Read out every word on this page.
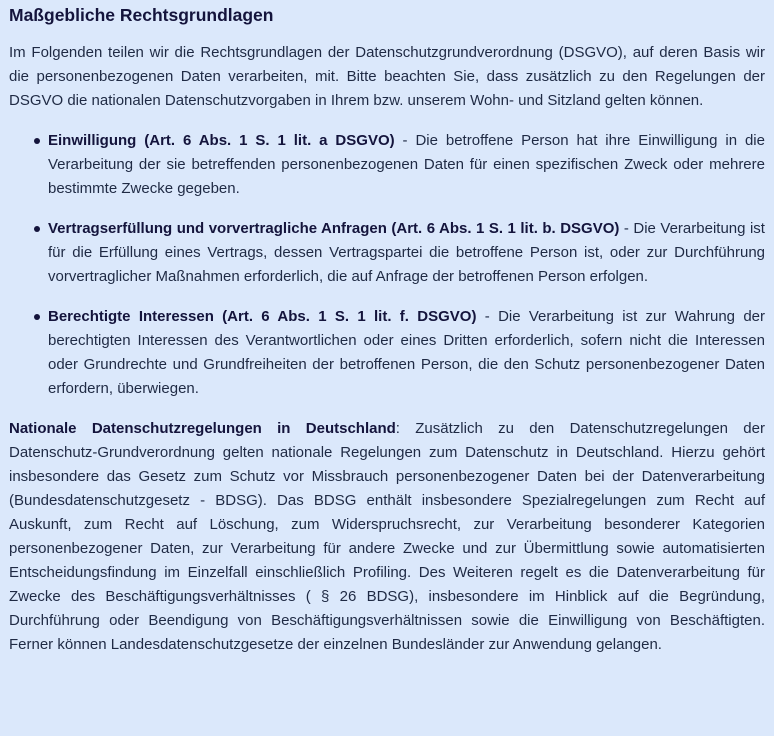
Maßgebliche Rechtsgrundlagen

Im Folgenden teilen wir die Rechtsgrundlagen der Datenschutzgrundverordnung (DSGVO), auf deren Basis wir die personenbezogenen Daten verarbeiten, mit. Bitte beachten Sie, dass zusätzlich zu den Regelungen der DSGVO die nationalen Datenschutzvorgaben in Ihrem bzw. unserem Wohn- und Sitzland gelten können.

Einwilligung (Art. 6 Abs. 1 S. 1 lit. a DSGVO) - Die betroffene Person hat ihre Einwilligung in die Verarbeitung der sie betreffenden personenbezogenen Daten für einen spezifischen Zweck oder mehrere bestimmte Zwecke gegeben.
Vertragserfüllung und vorvertragliche Anfragen (Art. 6 Abs. 1 S. 1 lit. b. DSGVO) - Die Verarbeitung ist für die Erfüllung eines Vertrags, dessen Vertragspartei die betroffene Person ist, oder zur Durchführung vorvertraglicher Maßnahmen erforderlich, die auf Anfrage der betroffenen Person erfolgen.
Berechtigte Interessen (Art. 6 Abs. 1 S. 1 lit. f. DSGVO) - Die Verarbeitung ist zur Wahrung der berechtigten Interessen des Verantwortlichen oder eines Dritten erforderlich, sofern nicht die Interessen oder Grundrechte und Grundfreiheiten der betroffenen Person, die den Schutz personenbezogener Daten erfordern, überwiegen.

Nationale Datenschutzregelungen in Deutschland: Zusätzlich zu den Datenschutzregelungen der Datenschutz-Grundverordnung gelten nationale Regelungen zum Datenschutz in Deutschland. Hierzu gehört insbesondere das Gesetz zum Schutz vor Missbrauch personenbezogener Daten bei der Datenverarbeitung (Bundesdatenschutzgesetz - BDSG). Das BDSG enthält insbesondere Spezialregelungen zum Recht auf Auskunft, zum Recht auf Löschung, zum Widerspruchsrecht, zur Verarbeitung besonderer Kategorien personenbezogener Daten, zur Verarbeitung für andere Zwecke und zur Übermittlung sowie automatisierten Entscheidungsfindung im Einzelfall einschließlich Profiling. Des Weiteren regelt es die Datenverarbeitung für Zwecke des Beschäftigungsverhältnisses ( § 26 BDSG), insbesondere im Hinblick auf die Begründung, Durchführung oder Beendigung von Beschäftigungsverhältnissen sowie die Einwilligung von Beschäftigten. Ferner können Landesdatenschutzgesetze der einzelnen Bundesländer zur Anwendung gelangen.
